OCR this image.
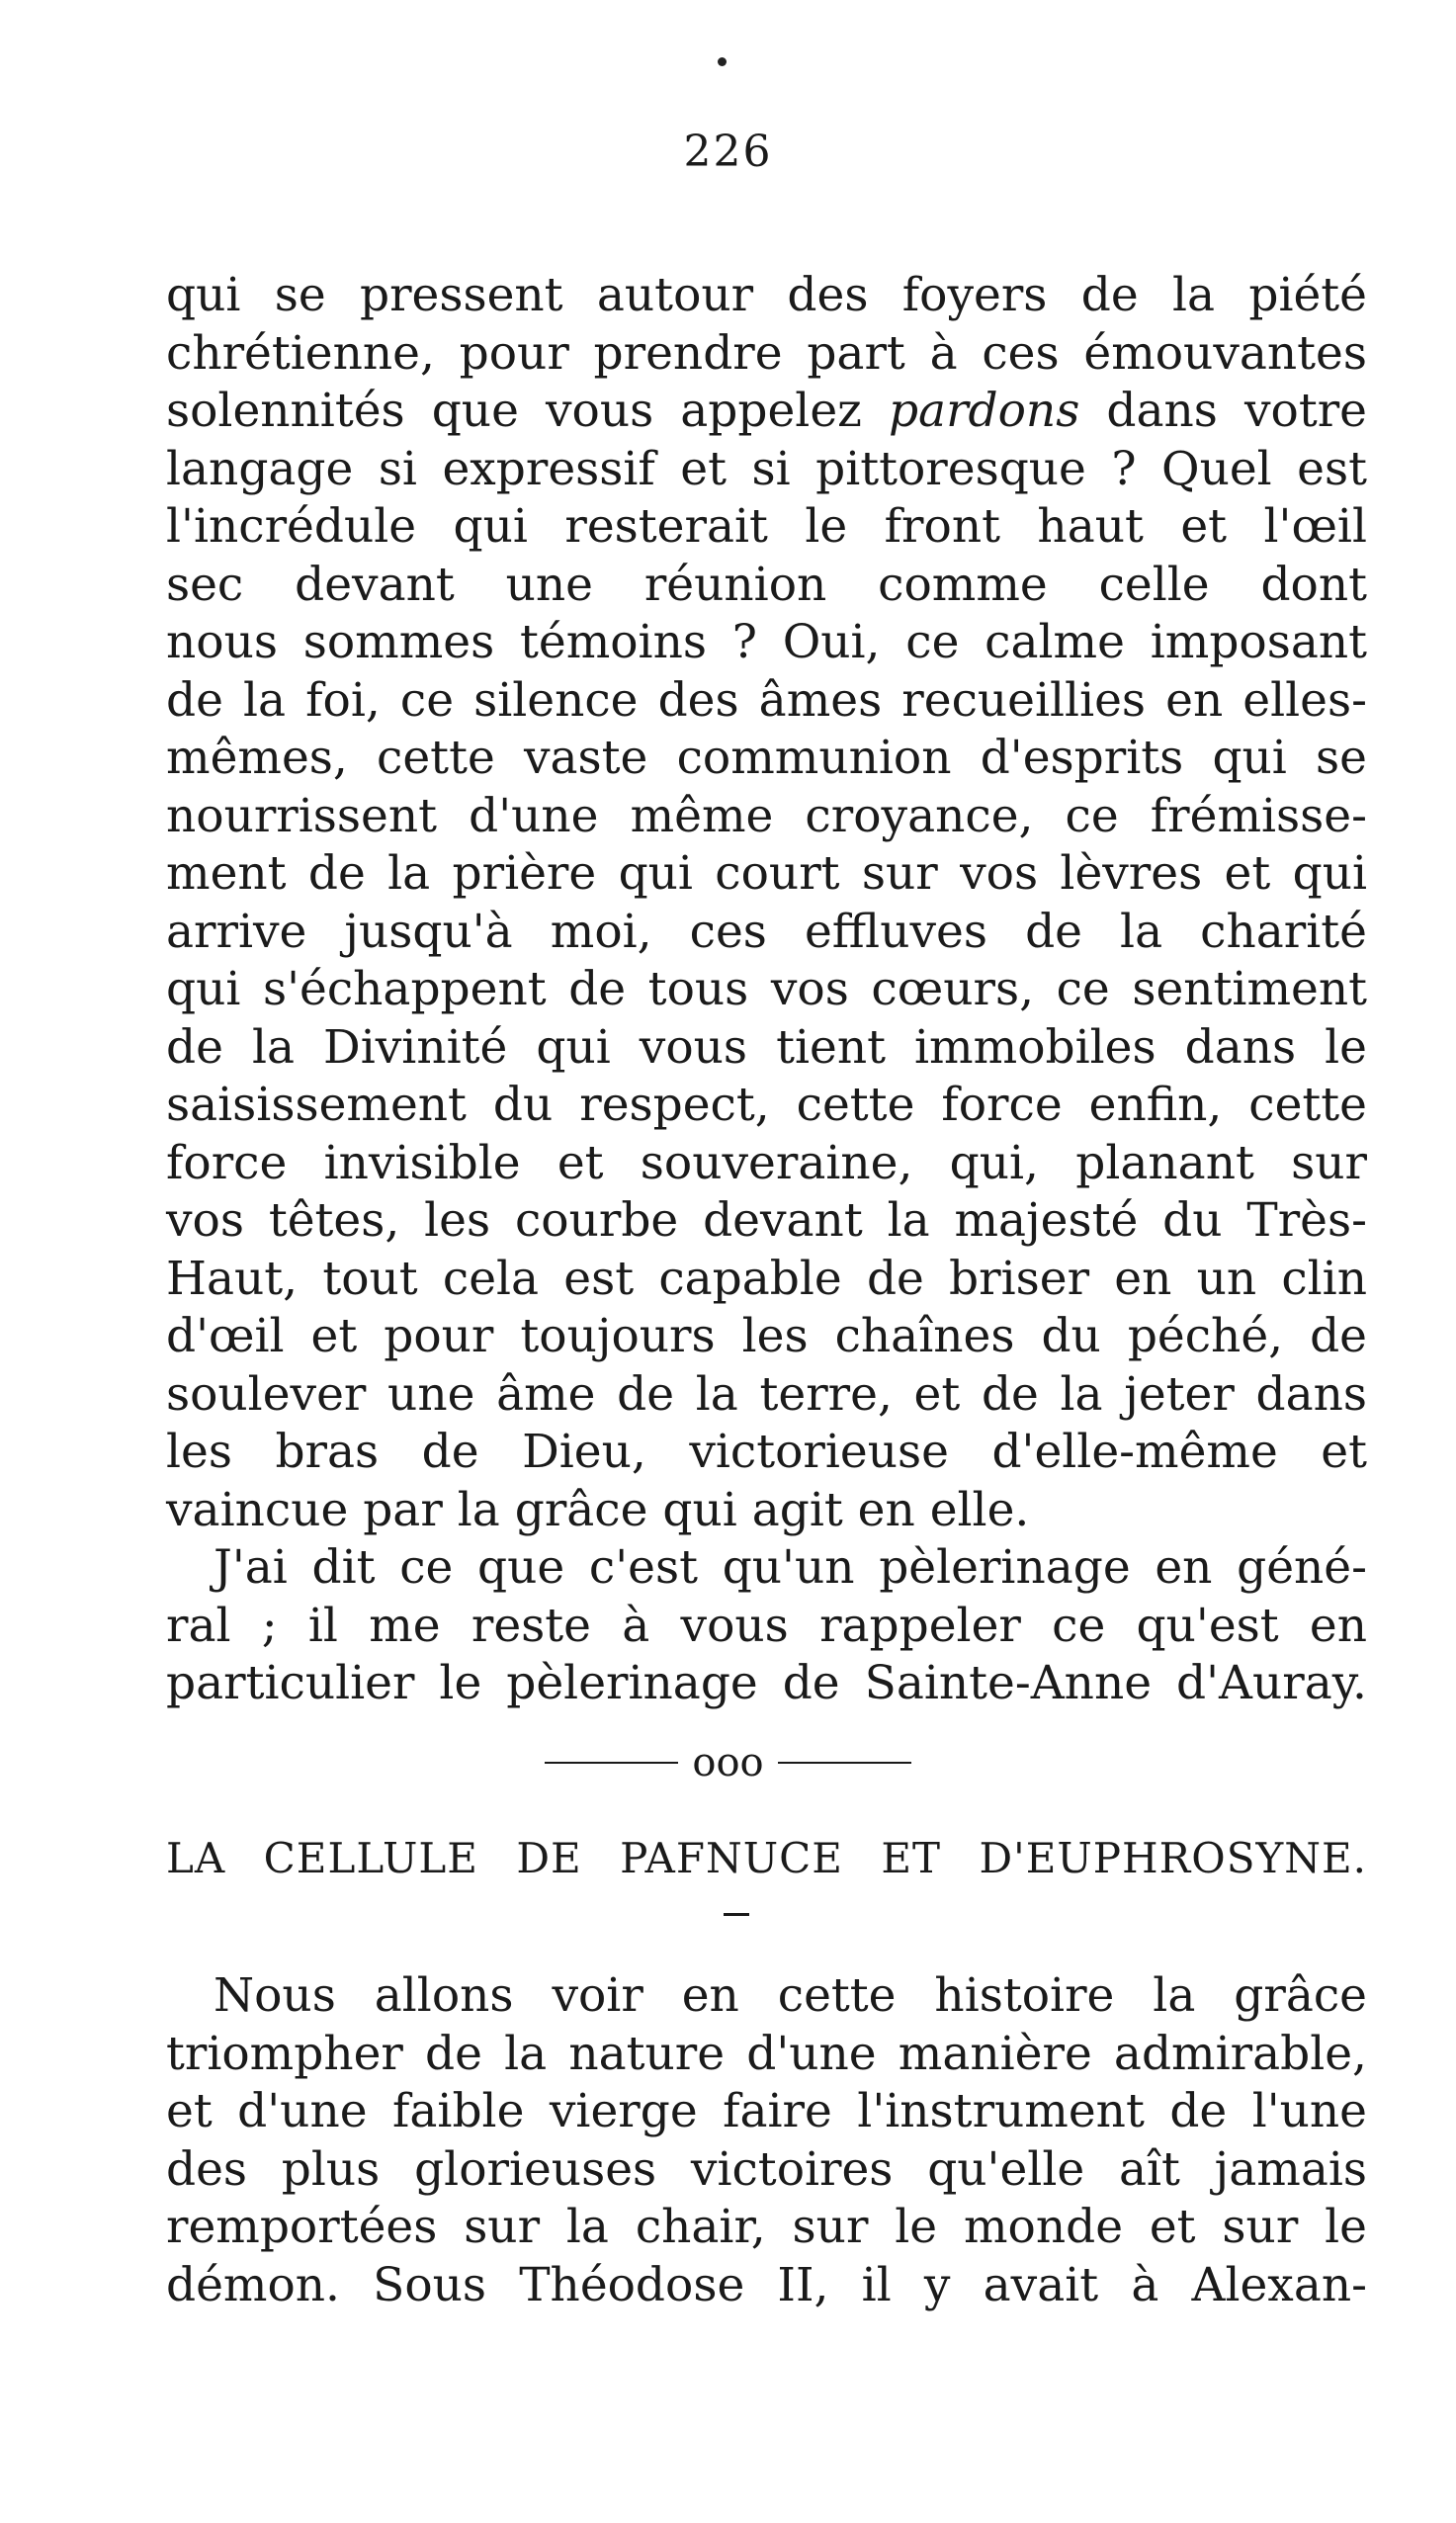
226
qui se pressent autour des foyers de la piété
chrétienne, pour prendre part à ces émouvantes
solennités que vous appelez pardons dans votre
langage si expressif et si pittoresque ? Quel est
l'incrédule qui resterait le front haut et l'œil
sec devant une réunion comme celle dont
nous sommes témoins ? Oui, ce calme imposant
de la foi, ce silence des âmes recueillies en elles-
mêmes, cette vaste communion d'esprits qui se
nourrissent d'une même croyance, ce frémisse-
ment de la prière qui court sur vos lèvres et qui
arrive jusqu'à moi, ces effluves de la charité
qui s'échappent de tous vos cœurs, ce sentiment
de la Divinité qui vous tient immobiles dans le
saisissement du respect, cette force enfin, cette
force invisible et souveraine, qui, planant sur
vos têtes, les courbe devant la majesté du Très-
Haut, tout cela est capable de briser en un clin
d'œil et pour toujours les chaînes du péché, de
soulever une âme de la terre, et de la jeter dans
les bras de Dieu, victorieuse d'elle-même et
vaincue par la grâce qui agit en elle.
J'ai dit ce que c'est qu'un pèlerinage en géné-
ral ; il me reste à vous rappeler ce qu'est en
particulier le pèlerinage de Sainte-Anne d'Auray.
ooo
LA CELLULE DE PAFNUCE ET D'EUPHROSYNE.
Nous allons voir en cette histoire la grâce
triompher de la nature d'une manière admirable,
et d'une faible vierge faire l'instrument de l'une
des plus glorieuses victoires qu'elle aît jamais
remportées sur la chair, sur le monde et sur le
démon. Sous Théodose II, il y avait à Alexan-
